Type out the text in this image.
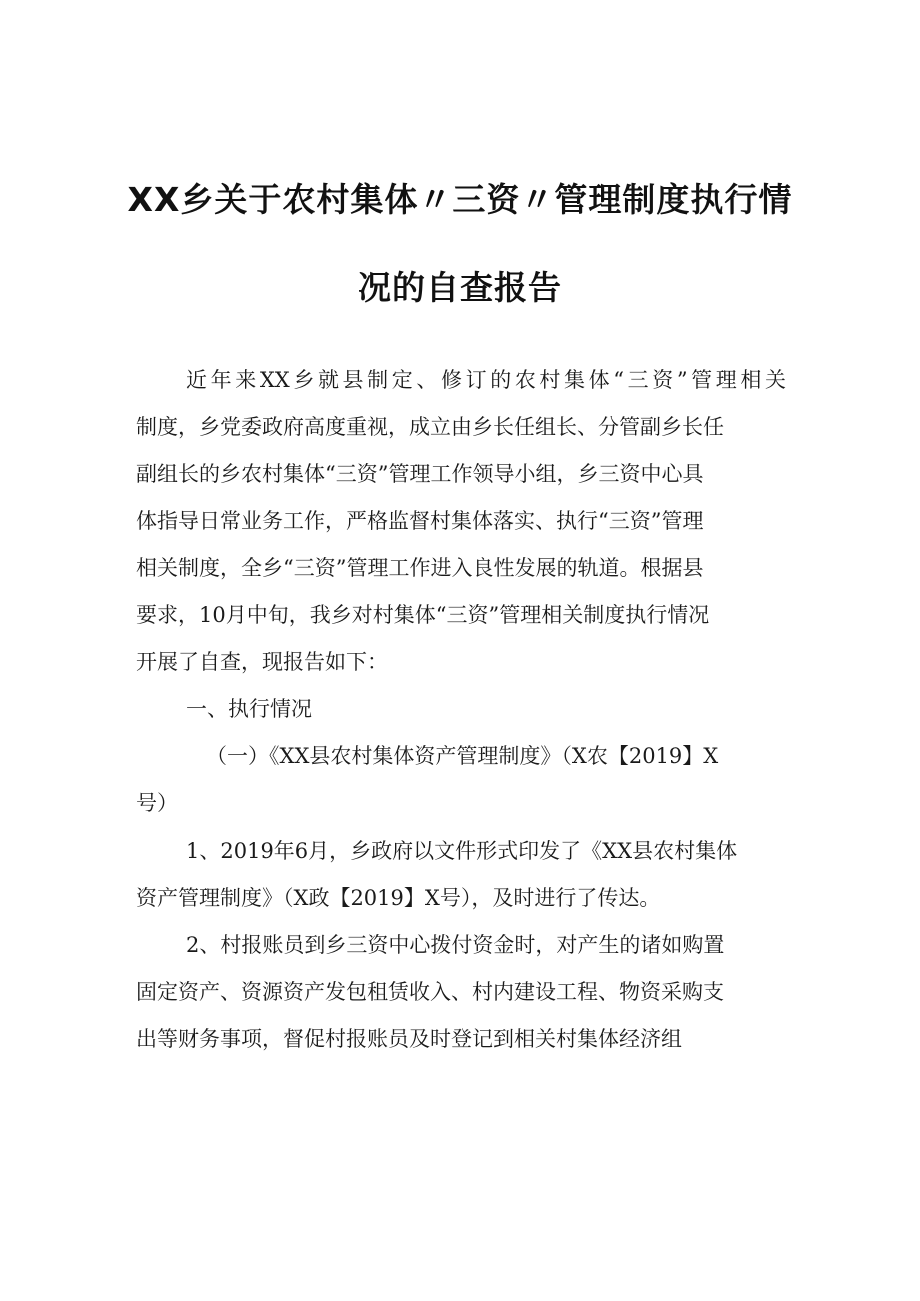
XX乡关于农村集体〃三资〃管理制度执行情
况的自查报告
近年来XX乡就县制定、修订的农村集体“三资”管理相关
制度，乡党委政府高度重视，成立由乡长任组长、分管副乡长任
副组长的乡农村集体“三资”管理工作领导小组，乡三资中心具
体指导日常业务工作，严格监督村集体落实、执行“三资”管理
相关制度，全乡“三资”管理工作进入良性发展的轨道。根据县
要求，10月中旬，我乡对村集体“三资”管理相关制度执行情况
开展了自查，现报告如下：
一、执行情况
（一）《XX县农村集体资产管理制度》（X农【2019】X
号）
1、2019年6月，乡政府以文件形式印发了《XX县农村集体
资产管理制度》（X政【2019】X号），及时进行了传达。
2、村报账员到乡三资中心拨付资金时，对产生的诸如购置
固定资产、资源资产发包租赁收入、村内建设工程、物资采购支
出等财务事项，督促村报账员及时登记到相关村集体经济组
